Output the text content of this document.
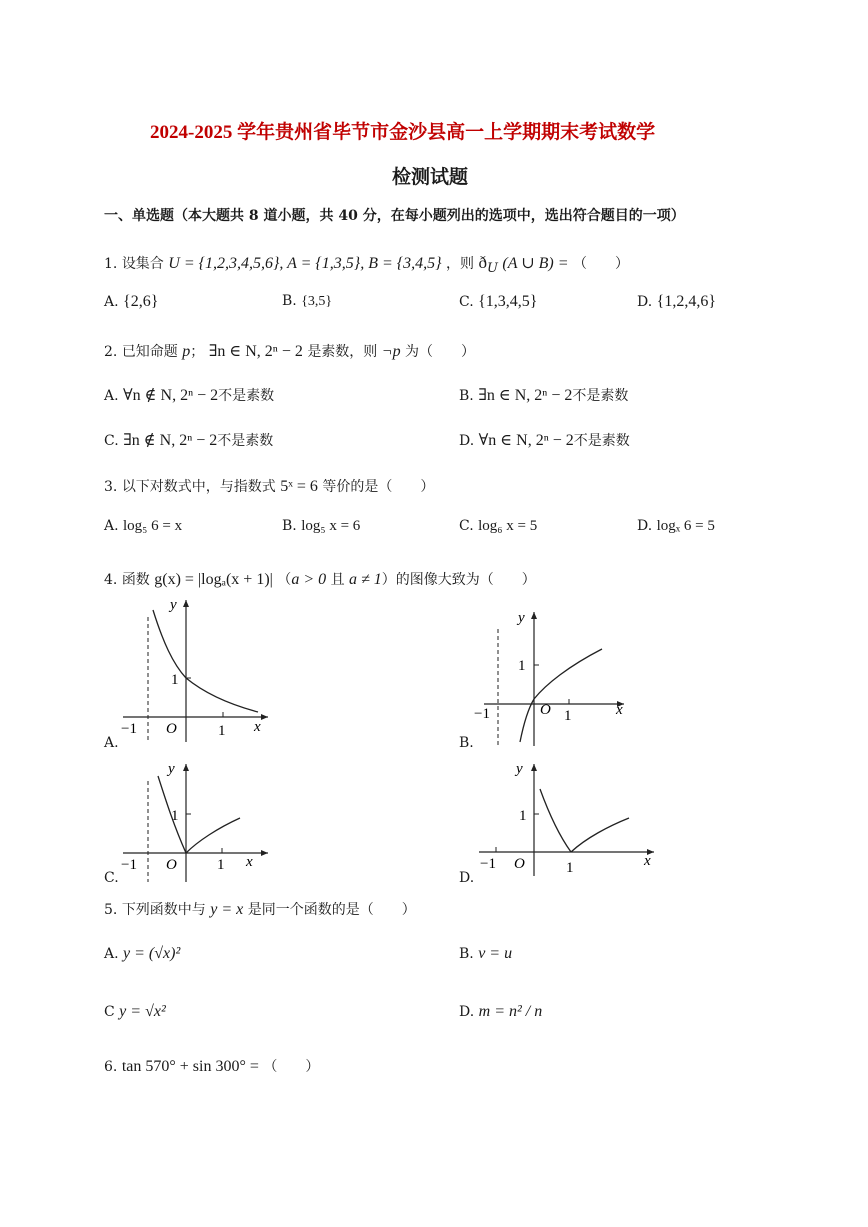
2024-2025 学年贵州省毕节市金沙县高一上学期期末考试数学
检测试题
一、单选题（本大题共 8 道小题，共 40 分，在每小题列出的选项中，选出符合题目的一项）
1. 设集合 U = {1,2,3,4,5,6}, A = {1,3,5}, B = {3,4,5} ，则 $ð_U$ (A ∪ B) = （　　）
A. {2,6}	B. {3,5}	C. {1,3,4,5}	D. {1,2,4,6}
2. 已知命题 p； ∃n ∈ N, 2ⁿ − 2 是素数，则 ¬p 为（　　）
A. ∀n ∉ N, 2ⁿ − 2不是素数	B. ∃n ∈ N, 2ⁿ − 2不是素数
C. ∃n ∉ N, 2ⁿ − 2不是素数	D. ∀n ∈ N, 2ⁿ − 2不是素数
3. 以下对数式中，与指数式 5ˣ = 6 等价的是（　　）
A. log₅ 6 = x	B. log₅ x = 6	C. log₆ x = 5	D. logₓ 6 = 5
4. 函数 g(x) = |logₐ(x + 1)| （a > 0 且 a ≠ 1）的图像大致为（　　）
A.
y
x
O
1
1
−1
B.
y
x
O
1
1
−1
C.
y
x
O
1
1
−1
D.
y
x
O
1
1
−1
5. 下列函数中与 y = x 是同一个函数的是（　　）
A. y = (√x)²	B. v = u
C y = √x²	D. m = n² / n
6. tan 570° + sin 300° = （　　）
